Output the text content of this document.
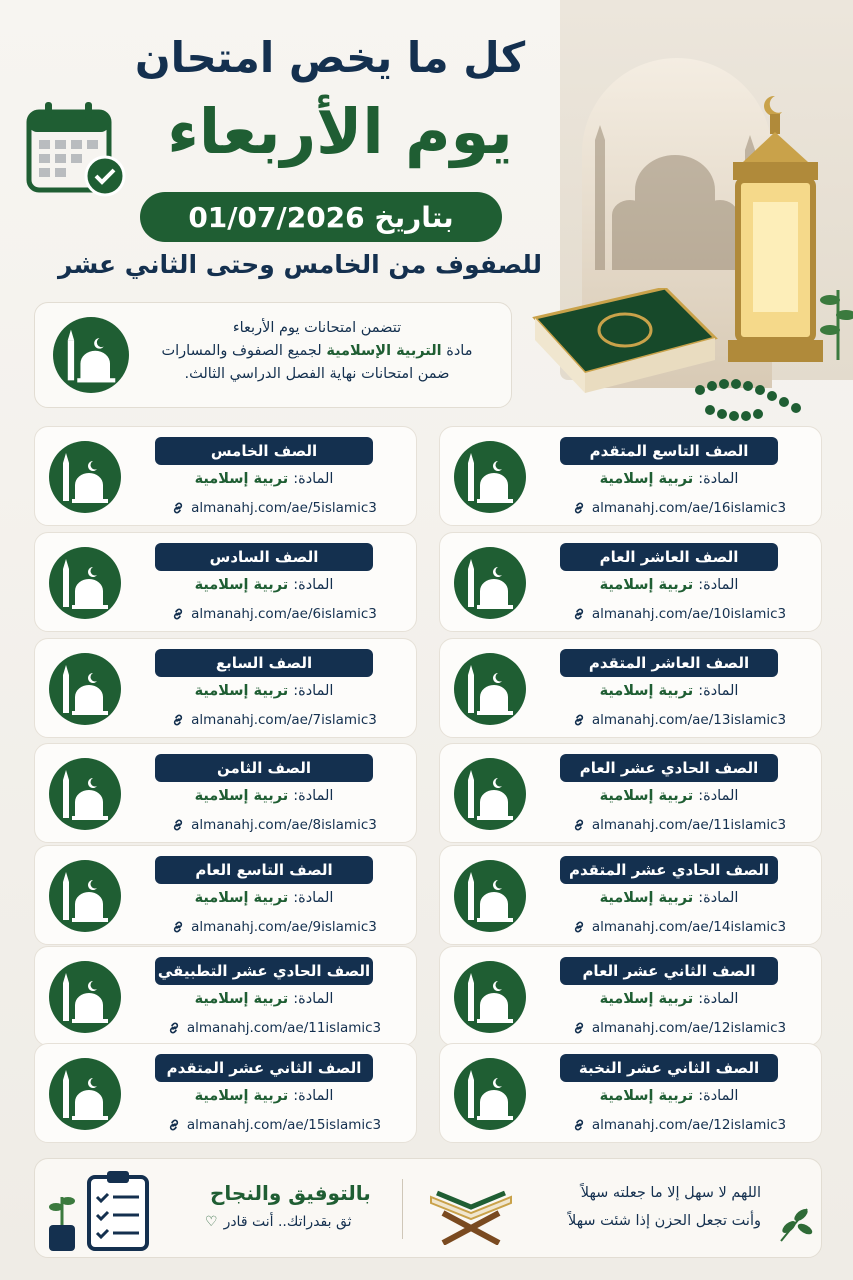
كل ما يخص امتحان
يوم الأربعاء
بتاريخ 01/07/2026
للصفوف من الخامس وحتى الثاني عشر
تتضمن امتحانات يوم الأربعاء
مادة التربية الإسلامية لجميع الصفوف والمسارات
ضمن امتحانات نهاية الفصل الدراسي الثالث.
الصف الخامس
المادة: تربية إسلامية
almanahj.com/ae/5islamic3
الصف التاسع المتقدم
المادة: تربية إسلامية
almanahj.com/ae/16islamic3
الصف السادس
المادة: تربية إسلامية
almanahj.com/ae/6islamic3
الصف العاشر العام
المادة: تربية إسلامية
almanahj.com/ae/10islamic3
الصف السابع
المادة: تربية إسلامية
almanahj.com/ae/7islamic3
الصف العاشر المتقدم
المادة: تربية إسلامية
almanahj.com/ae/13islamic3
الصف الثامن
المادة: تربية إسلامية
almanahj.com/ae/8islamic3
الصف الحادي عشر العام
المادة: تربية إسلامية
almanahj.com/ae/11islamic3
الصف التاسع العام
المادة: تربية إسلامية
almanahj.com/ae/9islamic3
الصف الحادي عشر المتقدم
المادة: تربية إسلامية
almanahj.com/ae/14islamic3
الصف الحادي عشر التطبيقي
المادة: تربية إسلامية
almanahj.com/ae/11islamic3
الصف الثاني عشر العام
المادة: تربية إسلامية
almanahj.com/ae/12islamic3
الصف الثاني عشر المتقدم
المادة: تربية إسلامية
almanahj.com/ae/15islamic3
الصف الثاني عشر النخبة
المادة: تربية إسلامية
almanahj.com/ae/12islamic3
بالتوفيق والنجاح
ثق بقدراتك.. أنت قادر
♡
اللهم لا سهل إلا ما جعلته سهلاً
وأنت تجعل الحزن إذا شئت سهلاً
